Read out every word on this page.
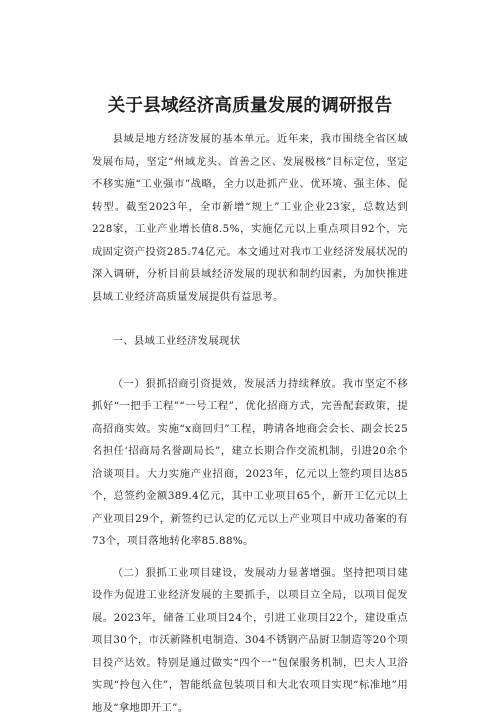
关于县域经济高质量发展的调研报告

县域是地方经济发展的基本单元。近年来，我市围绕全省区域发展布局，坚定“州域龙头、首善之区、发展极核”目标定位，坚定不移实施“工业强市”战略，全力以赴抓产业、优环境、强主体、促转型。截至2023年，全市新增“规上”工业企业23家，总数达到228家，工业产业增长值8.5%，实施亿元以上重点项目92个，完成固定资产投资285.74亿元。本文通过对我市工业经济发展状况的深入调研，分析目前县域经济发展的现状和制约因素，为加快推进县域工业经济高质量发展提供有益思考。

一、县域工业经济发展现状

（一）狠抓招商引资提效，发展活力持续释放。我市坚定不移抓好“一把手工程”“一号工程”，优化招商方式，完善配套政策，提高招商实效。实施“x商回归”工程，聘请各地商会会长、副会长25名担任‘招商局名誉副局长”，建立长期合作交流机制，引进20余个洽谈项目。大力实施产业招商，2023年，亿元以上签约项目达85个，总签约金额389.4亿元，其中工业项目65个，新开工亿元以上产业项目29个，新签约已认定的亿元以上产业项目中成功备案的有73个，项目落地转化率85.88%。

（二）狠抓工业项目建设，发展动力显著增强。坚持把项目建设作为促进工业经济发展的主要抓手，以项目立全局，以项目促发展。2023年，储备工业项目24个，引进工业项目22个，建设重点项目30个，市沃新隆机电制造、304不锈钢产品厨卫制造等20个项目投产达效。特别是通过做实“四个一”包保服务机制，巴夫人卫浴实现“拎包入住”，智能纸盒包装项目和大北农项目实现“标准地”用地及“拿地即开工”。
